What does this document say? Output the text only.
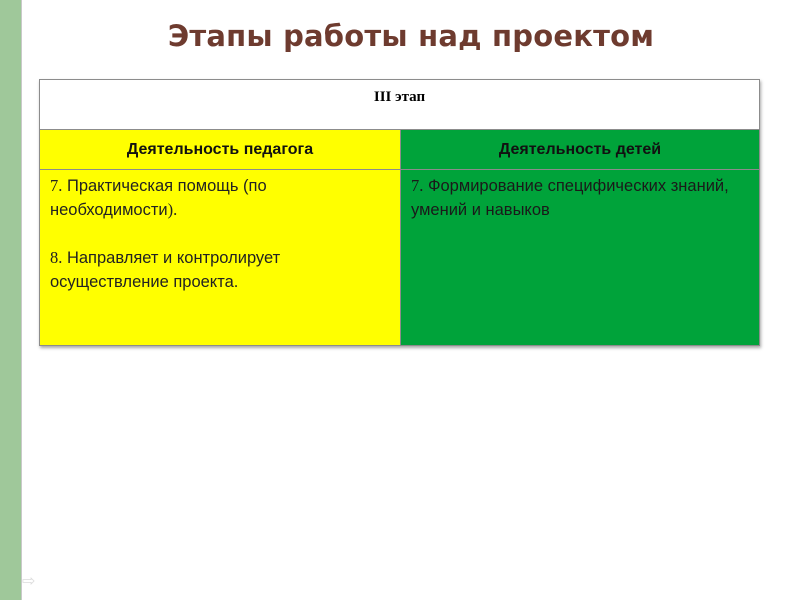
Этапы работы над проектом
III этап	

Деятельность педагога	Деятельность детей

7. Практическая помощь (по необходимости).
8. Направляет и контролирует осуществление проекта.	7. Формирование специфических знаний, умений и навыков
⇨
